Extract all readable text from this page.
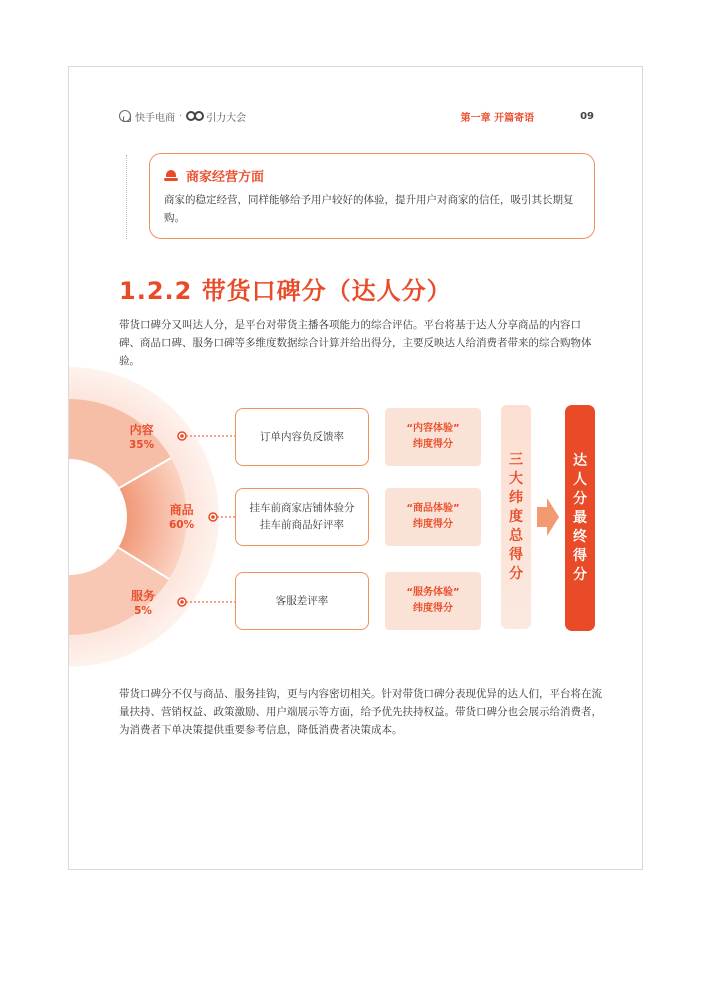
快手电商 · 引力大会	第一章 开篇寄语	09
商家经营方面
商家的稳定经营，同样能够给予用户较好的体验，提升用户对商家的信任，吸引其长期复购。
1.2.2 带货口碑分（达人分）
带货口碑分又叫达人分，是平台对带货主播各项能力的综合评估。平台将基于达人分享商品的内容口碑、商品口碑、服务口碑等多维度数据综合计算并给出得分，主要反映达人给消费者带来的综合购物体验。
内容
35%
商品
60%
服务
5%
订单内容负反馈率
挂车前商家店铺体验分
挂车前商品好评率
客服差评率
“内容体验”
纬度得分
“商品体验”
纬度得分
“服务体验”
纬度得分
三
大
纬
度
总
得
分
达
人
分
最
终
得
分
带货口碑分不仅与商品、服务挂钩，更与内容密切相关。针对带货口碑分表现优异的达人们，平台将在流量扶持、营销权益、政策激励、用户端展示等方面，给予优先扶持权益。带货口碑分也会展示给消费者，为消费者下单决策提供重要参考信息，降低消费者决策成本。
